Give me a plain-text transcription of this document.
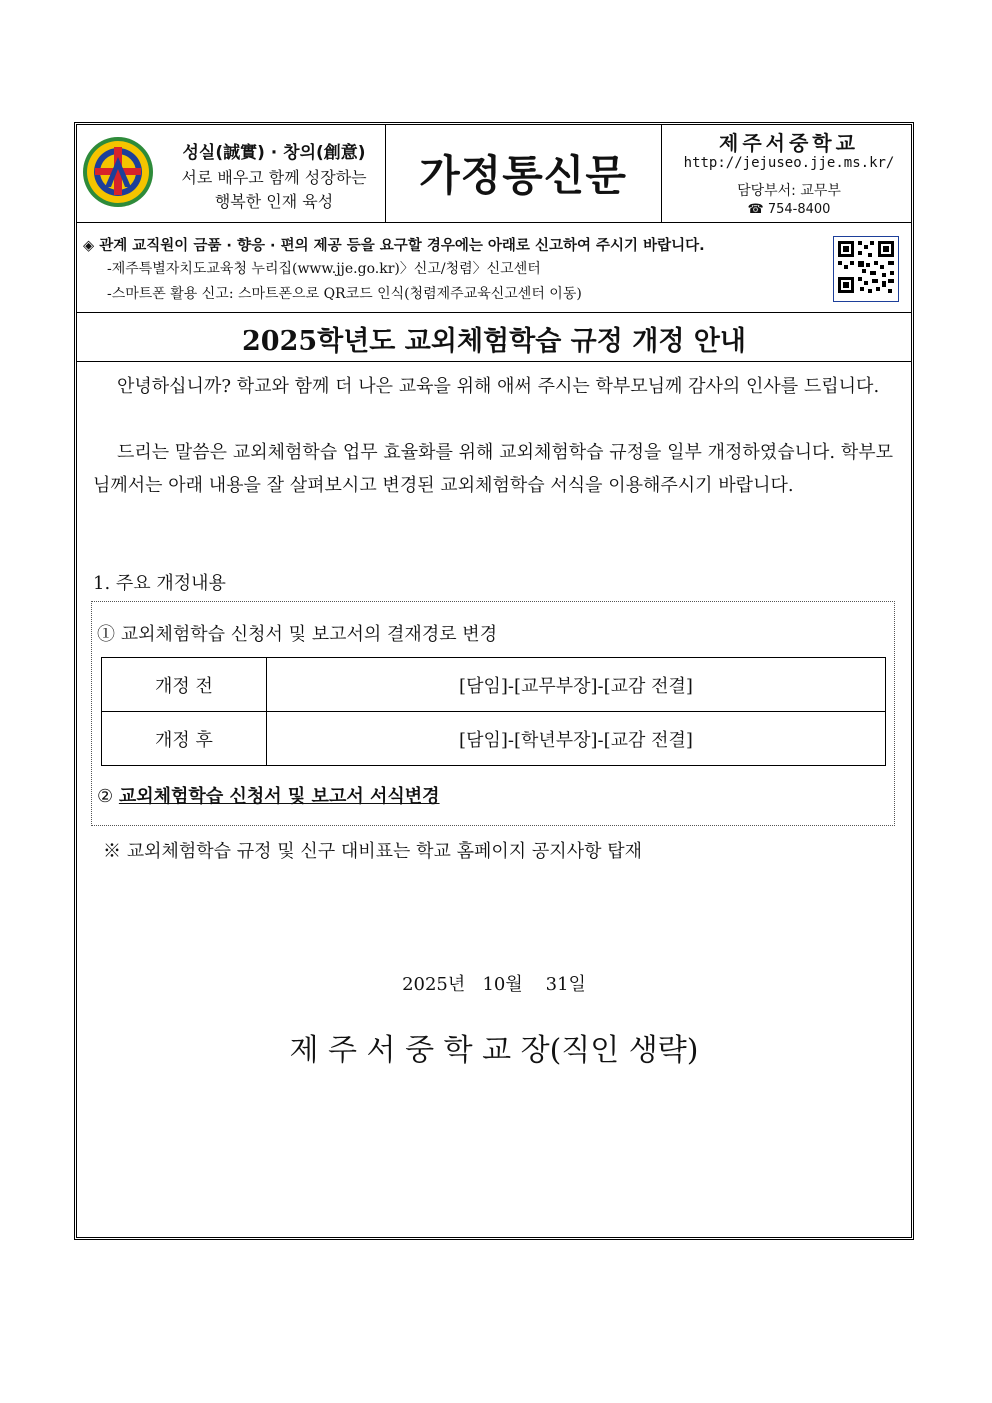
성실(誠實) · 창의(創意)
서로 배우고 함께 성장하는
행복한 인재 육성
가정통신문
제주서중학교
http://jejuseo.jje.ms.kr/
담당부서: 교무부
☎ 754-8400
◈ 관계 교직원이 금품 · 향응 · 편의 제공 등을 요구할 경우에는 아래로 신고하여 주시기 바랍니다.
-제주특별자치도교육청 누리집(www.jje.go.kr)〉신고/청렴〉신고센터
-스마트폰 활용 신고: 스마트폰으로 QR코드 인식(청렴제주교육신고센터 이동)
2025학년도 교외체험학습 규정 개정 안내
안녕하십니까? 학교와 함께 더 나은 교육을 위해 애써 주시는 학부모님께 감사의 인사를 드립니다.
드리는 말씀은 교외체험학습 업무 효율화를 위해 교외체험학습 규정을 일부 개정하였습니다. 학부모님께서는 아래 내용을 잘 살펴보시고 변경된 교외체험학습 서식을 이용해주시기 바랍니다.
1. 주요 개정내용
① 교외체험학습 신청서 및 보고서의 결재경로 변경
개정 전	[담임]-[교무부장]-[교감 전결]
개정 후	[담임]-[학년부장]-[교감 전결]
② 교외체험학습 신청서 및 보고서 서식변경
※ 교외체험학습 규정 및 신구 대비표는 학교 홈페이지 공지사항 탑재
2025년   10월    31일
제 주 서 중 학 교 장(직인 생략)
